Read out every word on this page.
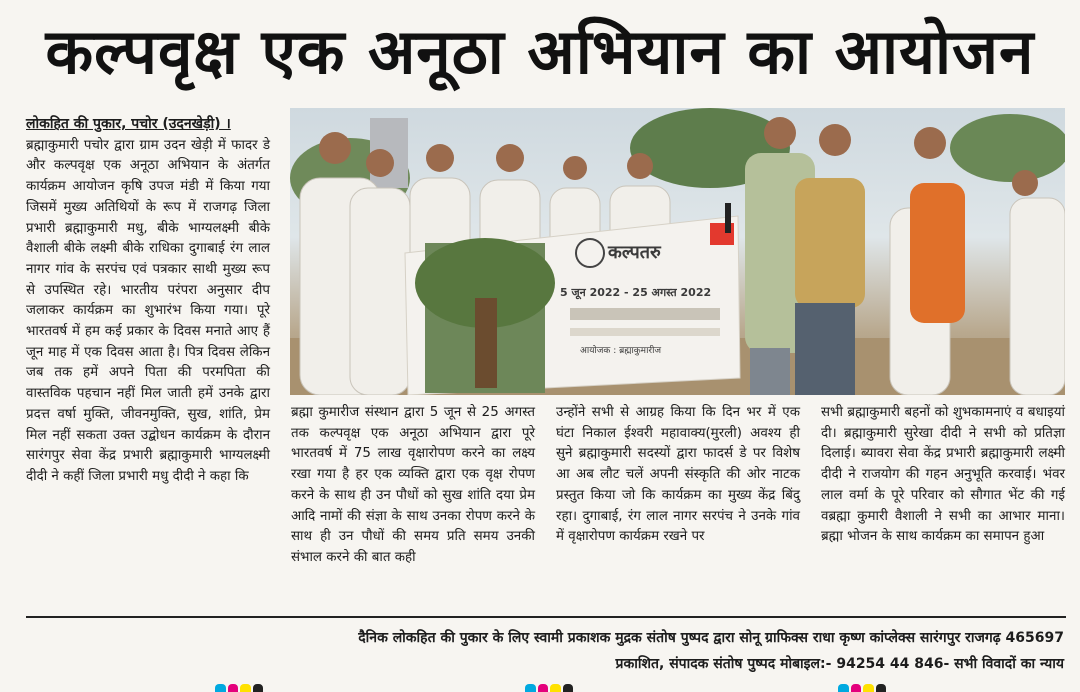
कल्पवृक्ष एक अनूठा अभियान का आयोजन

लोकहित की पुकार, पचोर (उदनखेड़ी) ।

ब्रह्माकुमारी पचोर द्वारा ग्राम उदन खेड़ी में फादर डे और कल्पवृक्ष एक अनूठा अभियान के अंतर्गत कार्यक्रम आयोजन कृषि उपज मंडी में किया गया जिसमें मुख्य अतिथियों के रूप में राजगढ़ जिला प्रभारी ब्रह्माकुमारी मधु, बीके भाग्यलक्ष्मी बीके वैशाली बीके लक्ष्मी बीके राधिका दुगाबाई रंग लाल नागर गांव के सरपंच एवं पत्रकार साथी मुख्य रूप से उपस्थित रहे। भारतीय परंपरा अनुसार दीप जलाकर कार्यक्रम का शुभारंभ किया गया। पूरे भारतवर्ष में हम कई प्रकार के दिवस मनाते आए हैं जून माह में एक दिवस आता है। पित्र दिवस लेकिन जब तक हमें अपने पिता की परमपिता की वास्तविक पहचान नहीं मिल जाती हमें उनके द्वारा प्रदत्त वर्षा मुक्ति, जीवनमुक्ति, सुख, शांति, प्रेम मिल नहीं सकता उक्त उद्बोधन कार्यक्रम के दौरान सारंगपुर सेवा केंद्र प्रभारी ब्रह्माकुमारी भाग्यलक्ष्मी दीदी ने कहीं जिला प्रभारी मधु दीदी ने कहा कि

कल्पतरु
5 जून 2022 - 25 अगस्त 2022
आयोजक : ब्रह्माकुमारीज

ब्रह्मा कुमारीज संस्थान द्वारा 5 जून से 25 अगस्त तक कल्पवृक्ष एक अनूठा अभियान द्वारा पूरे भारतवर्ष में 75 लाख वृक्षारोपण करने का लक्ष्य रखा गया है हर एक व्यक्ति द्वारा एक वृक्ष रोपण करने के साथ ही उन पौधों को सुख शांति दया प्रेम आदि नामों की संज्ञा के साथ उनका रोपण करने के साथ ही उन पौधों की समय प्रति समय उनकी संभाल करने की बात कही

उन्होंने सभी से आग्रह किया कि दिन भर में एक घंटा निकाल ईश्वरी महावाक्य(मुरली) अवश्य ही सुने ब्रह्माकुमारी सदस्यों द्वारा फादर्स डे पर विशेष आ अब लौट चलें अपनी संस्कृति की ओर नाटक प्रस्तुत किया जो कि कार्यक्रम का मुख्य केंद्र बिंदु रहा। दुगाबाई, रंग लाल नागर सरपंच ने उनके गांव में वृक्षारोपण कार्यक्रम रखने पर

सभी ब्रह्माकुमारी बहनों को शुभकामनाएं व बधाइयां दी। ब्रह्माकुमारी सुरेखा दीदी ने सभी को प्रतिज्ञा दिलाई। ब्यावरा सेवा केंद्र प्रभारी ब्रह्माकुमारी लक्ष्मी दीदी ने राजयोग की गहन अनुभूति करवाई। भंवर लाल वर्मा के पूरे परिवार को सौगात भेंट की गई वब्रह्मा कुमारी वैशाली ने सभी का आभार माना। ब्रह्मा भोजन के साथ कार्यक्रम का समापन हुआ

दैनिक लोकहित की पुकार के लिए स्वामी प्रकाशक मुद्रक संतोष पुष्पद द्वारा सोनू ग्राफिक्स राधा कृष्ण कांप्लेक्स सारंगपुर राजगढ़ 465697
प्रकाशित, संपादक संतोष पुष्पद मोबाइल:- 94254 44 846- सभी विवादों का न्याय
